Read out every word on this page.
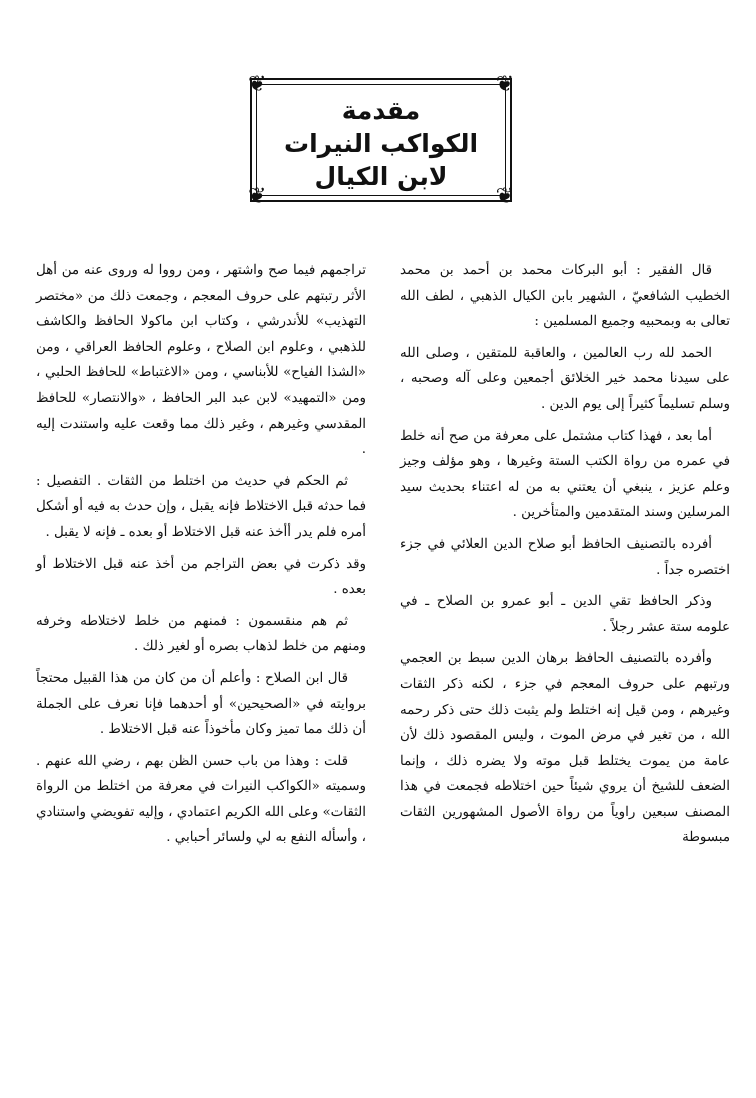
❦	❦
❦	❦
مقدمة
الكواكب النيرات
لابن الكيال

قال الفقير : أبو البركات محمد بن أحمد بن محمد الخطيب الشافعيّ ، الشهير بابن الكيال الذهبي ، لطف الله تعالى به وبمحبيه وجميع المسلمين :

الحمد لله رب العالمين ، والعاقبة للمتقين ، وصلى الله على سيدنا محمد خير الخلائق أجمعين وعلى آله وصحبه ، وسلم تسليماً كثيراً إلى يوم الدين .

أما بعد ، فهذا كتاب مشتمل على معرفة من صح أنه خلط في عمره من رواة الكتب الستة وغيرها ، وهو مؤلف وجيز وعلم عزيز ، ينبغي أن يعتني به من له اعتناء بحديث سيد المرسلين وسند المتقدمين والمتأخرين .

أفرده بالتصنيف الحافظ أبو صلاح الدين العلائي في جزء اختصره جداً .

وذكر الحافظ تقي الدين ـ أبو عمرو بن الصلاح ـ في علومه ستة عشر رجلاً .

وأفرده بالتصنيف الحافظ برهان الدين سبط بن العجمي ورتبهم على حروف المعجم في جزء ، لكنه ذكر الثقات وغيرهم ، ومن قيل إنه اختلط ولم يثبت ذلك حتى ذكر رحمه الله ، من تغير في مرض الموت ، وليس المقصود ذلك لأن عامة من يموت يختلط قبل موته ولا يضره ذلك ، وإنما الضعف للشيخ أن يروي شيئاً حين اختلاطه فجمعت في هذا المصنف سبعين راوياً من رواة الأصول المشهورين الثقات مبسوطة

تراجمهم فيما صح واشتهر ، ومن رووا له وروى عنه من أهل الأثر رتبتهم على حروف المعجم ، وجمعت ذلك من «مختصر التهذيب» للأندرشي ، وكتاب ابن ماكولا الحافظ والكاشف للذهبي ، وعلوم ابن الصلاح ، وعلوم الحافظ العراقي ، ومن «الشذا الفياح» للأبناسي ، ومن «الاغتباط» للحافظ الحلبي ، ومن «التمهيد» لابن عبد البر الحافظ ، «والانتصار» للحافظ المقدسي وغيرهم ، وغير ذلك مما وقعت عليه واستندت إليه .

ثم الحكم في حديث من اختلط من الثقات . التفصيل : فما حدثه قبل الاختلاط فإنه يقبل ، وإن حدث به فيه أو أشكل أمره فلم يدر أأخذ عنه قبل الاختلاط أو بعده ـ فإنه لا يقبل .

وقد ذكرت في بعض التراجم من أخذ عنه قبل الاختلاط أو بعده .

ثم هم منقسمون : فمنهم من خلط لاختلاطه وخرفه ومنهم من خلط لذهاب بصره أو لغير ذلك .

قال ابن الصلاح : وأعلم أن من كان من هذا القبيل محتجاً بروايته في «الصحيحين» أو أحدهما فإنا نعرف على الجملة أن ذلك مما تميز وكان مأخوذاً عنه قبل الاختلاط .

قلت : وهذا من باب حسن الظن بهم ، رضي الله عنهم . وسميته «الكواكب النيرات في معرفة من اختلط من الرواة الثقات» وعلى الله الكريم اعتمادي ، وإليه تفويضي واستنادي ، وأسأله النفع به لي ولسائر أحبابي .
